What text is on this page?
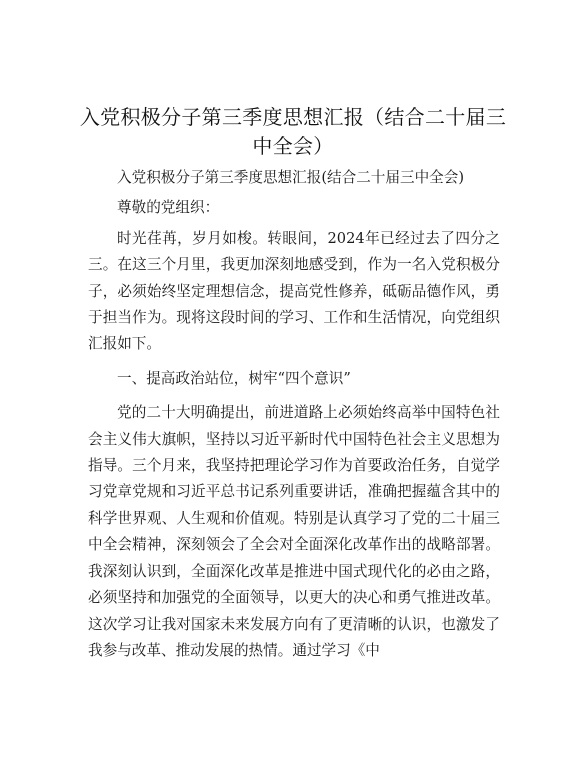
入党积极分子第三季度思想汇报（结合二十届三中全会）

入党积极分子第三季度思想汇报(结合二十届三中全会)

尊敬的党组织：

时光荏苒，岁月如梭。转眼间，2024年已经过去了四分之三。在这三个月里，我更加深刻地感受到，作为一名入党积极分子，必须始终坚定理想信念，提高党性修养，砥砺品德作风，勇于担当作为。现将这段时间的学习、工作和生活情况，向党组织汇报如下。

一、提高政治站位，树牢“四个意识”

党的二十大明确提出，前进道路上必须始终高举中国特色社会主义伟大旗帜，坚持以习近平新时代中国特色社会主义思想为指导。三个月来，我坚持把理论学习作为首要政治任务，自觉学习党章党规和习近平总书记系列重要讲话，准确把握蕴含其中的科学世界观、人生观和价值观。特别是认真学习了党的二十届三中全会精神，深刻领会了全会对全面深化改革作出的战略部署。我深刻认识到，全面深化改革是推进中国式现代化的必由之路，必须坚持和加强党的全面领导，以更大的决心和勇气推进改革。这次学习让我对国家未来发展方向有了更清晰的认识，也激发了我参与改革、推动发展的热情。通过学习《中
